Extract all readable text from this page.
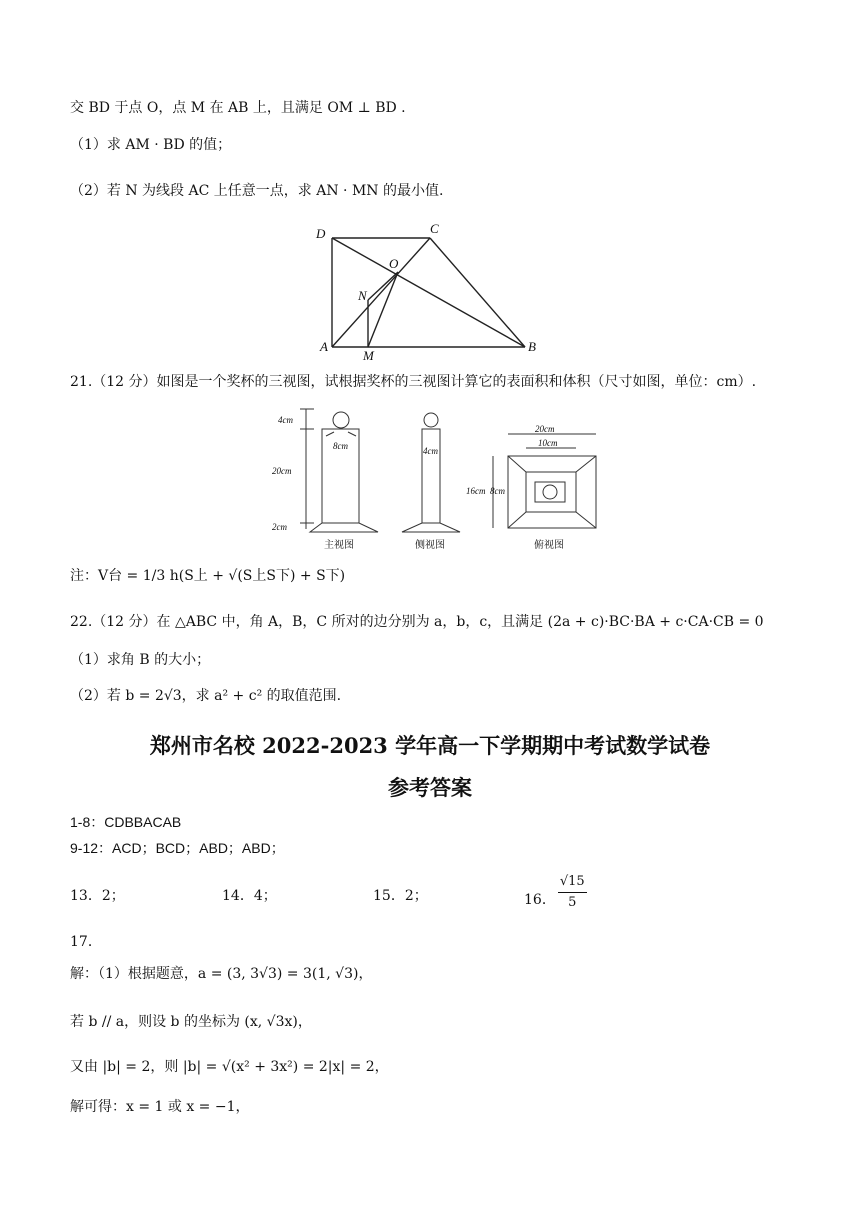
交 BD 于点 O，点 M 在 AB 上，且满足 OM ⊥ BD .
（1）求 AM · BD 的值；
（2）若 N 为线段 AC 上任意一点，求 AN · MN 的最小值.
D	C
O
N
A
M
B
21.（12 分）如图是一个奖杯的三视图，试根据奖杯的三视图计算它的表面积和体积（尺寸如图，单位：cm）.
4cm
8cm
20cm
2cm
4cm
20cm
10cm
16cm 8cm
主视图	侧视图	俯视图
注：V台 = 1/3 h(S上 + √(S上S下) + S下)
22.（12 分）在 △ABC 中，角 A，B，C 所对的边分别为 a，b，c，且满足 (2a + c)·BC·BA + c·CA·CB = 0
（1）求角 B 的大小；
（2）若 b = 2√3，求 a² + c² 的取值范围.
郑州市名校 2022-2023 学年高一下学期期中考试数学试卷
参考答案
1-8：CDBBACAB
9-12：ACD；BCD；ABD；ABD；
13．2；	14．4；	15．2；	16． $\frac{√15}{5}$
17．
解：（1）根据题意，a = (3, 3√3) = 3(1, √3)，
若 b // a，则设 b 的坐标为 (x, √3x)，
又由 |b| = 2，则 |b| = √(x² + 3x²) = 2|x| = 2，
解可得：x = 1 或 x = −1，
